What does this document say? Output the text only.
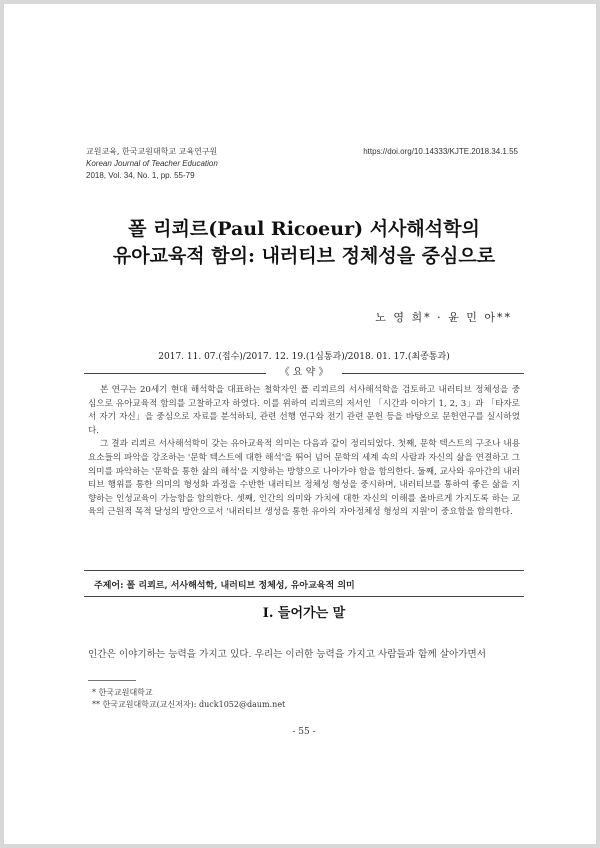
교원교육, 한국교원대학교 교육연구원
Korean Journal of Teacher Education
2018, Vol. 34, No. 1, pp. 55-79
https://doi.org/10.14333/KJTE.2018.34.1.55
폴 리쾨르(Paul Ricoeur) 서사해석학의
유아교육적 함의: 내러티브 정체성을 중심으로
노 영 희* · 윤 민 아**
2017. 11. 07.(접수)/2017. 12. 19.(1심통과)/2018. 01. 17.(최종통과)
《 요 약 》

본 연구는 20세기 현대 해석학을 대표하는 철학자인 폴 리쾨르의 서사해석학을 검토하고 내러티브 정체성을 중심으로 유아교육적 함의를 고찰하고자 하였다. 이를 위하여 리쾨르의 저서인 「시간과 이야기 1, 2, 3」과 「타자로서 자기 자신」을 중심으로 자료를 분석하되, 관련 선행 연구와 전기 관련 문헌 등을 바탕으로 문헌연구를 실시하였다.

그 결과 리쾨르 서사해석학이 갖는 유아교육적 의미는 다음과 같이 정리되었다. 첫째, 문학 텍스트의 구조나 내용 요소들의 파악을 강조하는 '문학 텍스트에 대한 해석'을 뛰어 넘어 문학의 세계 속의 사람과 자신의 삶을 연결하고 그 의미를 파악하는 '문학을 통한 삶의 해석'을 지향하는 방향으로 나아가야 함을 함의한다. 둘째, 교사와 유아간의 내러티브 행위를 통한 의미의 형성화 과정을 수반한 내러티브 정체성 형성을 중시하며, 내러티브를 통하여 좋은 삶을 지향하는 인성교육이 가능함을 함의한다. 셋째, 인간의 의미와 가치에 대한 자신의 이해를 올바르게 가지도록 하는 교육의 근원적 목적 달성의 방안으로서 '내러티브 생성을 통한 유아의 자아정체성 형성의 지원'이 중요함을 함의한다.

주제어: 폴 리쾨르, 서사해석학, 내러티브 정체성, 유아교육적 의미
Ⅰ. 들어가는 말
인간은 이야기하는 능력을 가지고 있다. 우리는 이러한 능력을 가지고 사람들과 함께 살아가면서
* 한국교원대학교
** 한국교원대학교(교신저자): duck1052@daum.net
- 55 -
